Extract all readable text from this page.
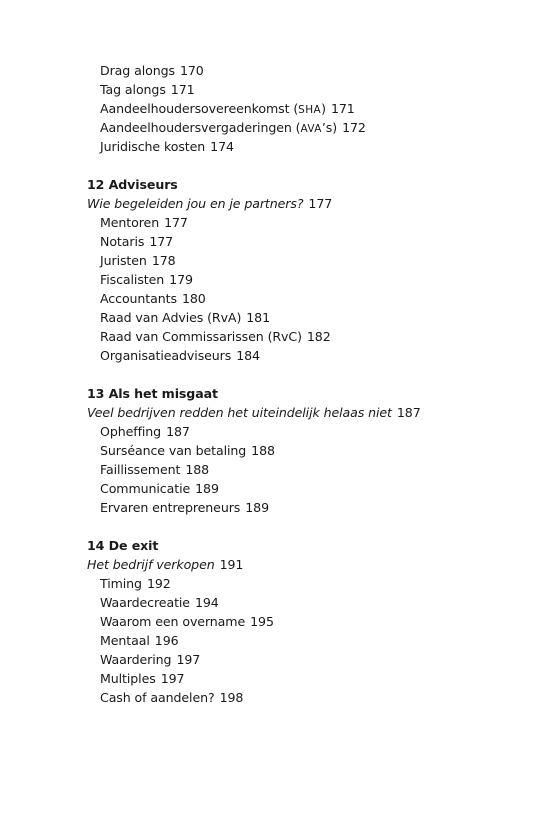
Drag alongs 170
Tag alongs 171
Aandeelhoudersovereenkomst (SHA) 171
Aandeelhoudersvergaderingen (AVA’s) 172
Juridische kosten 174
12 Adviseurs
Wie begeleiden jou en je partners? 177
Mentoren 177
Notaris 177
Juristen 178
Fiscalisten 179
Accountants 180
Raad van Advies (RvA) 181
Raad van Commissarissen (RvC) 182
Organisatieadviseurs 184
13 Als het misgaat
Veel bedrijven redden het uiteindelijk helaas niet 187
Opheffing 187
Surséance van betaling 188
Faillissement 188
Communicatie 189
Ervaren entrepreneurs 189
14 De exit
Het bedrijf verkopen 191
Timing 192
Waardecreatie 194
Waarom een overname 195
Mentaal 196
Waardering 197
Multiples 197
Cash of aandelen? 198
